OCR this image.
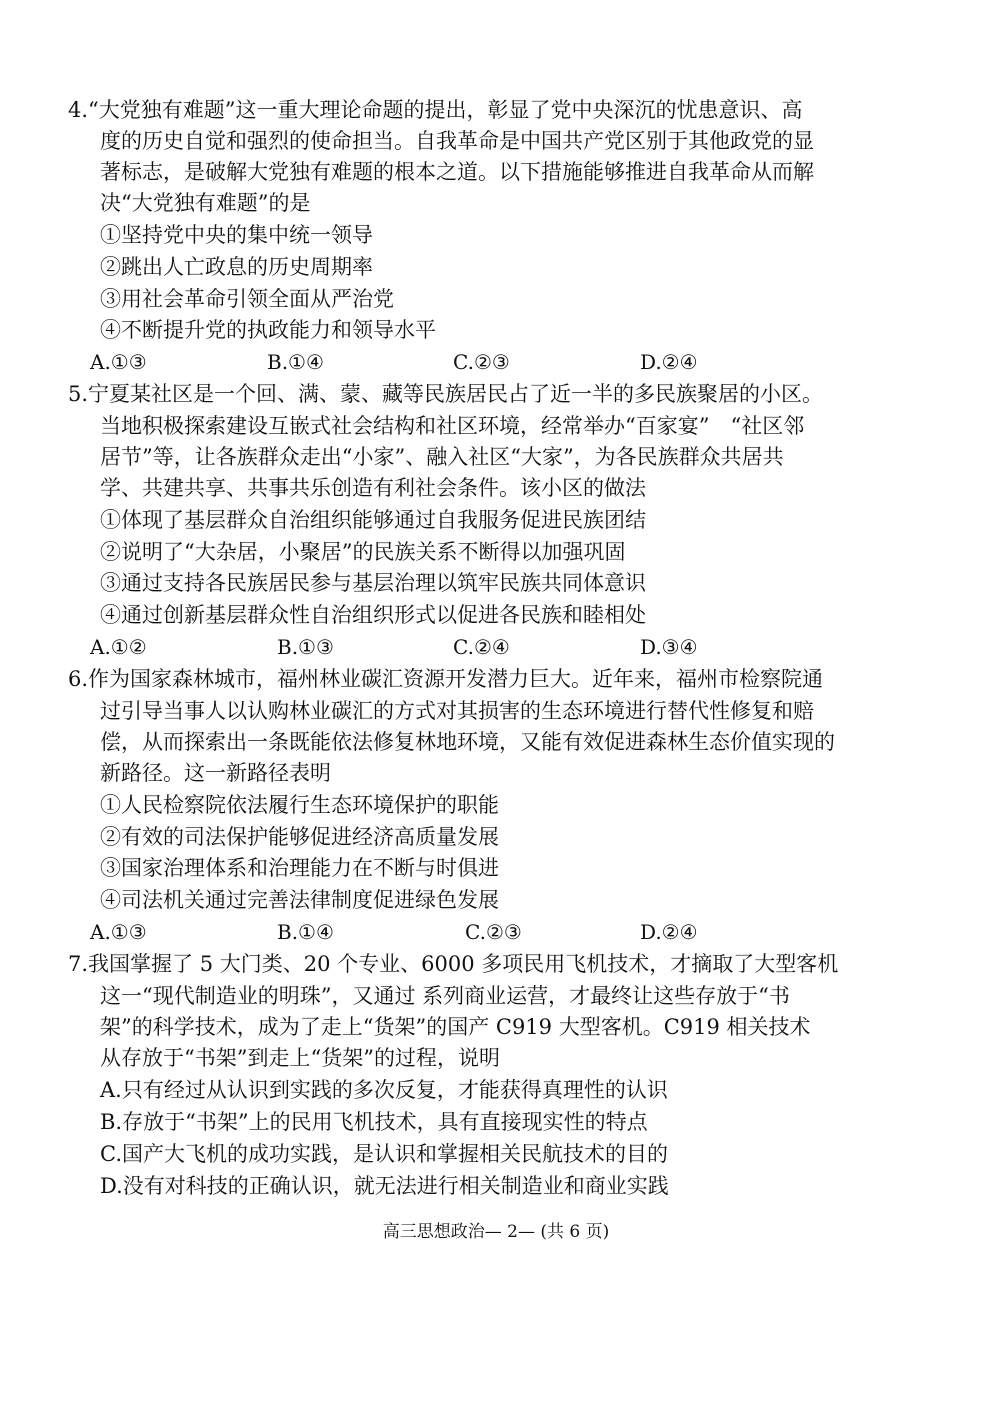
4.“大党独有难题”这一重大理论命题的提出，彰显了党中央深沉的忧患意识、高
度的历史自觉和强烈的使命担当。自我革命是中国共产党区别于其他政党的显
著标志，是破解大党独有难题的根本之道。以下措施能够推进自我革命从而解
决“大党独有难题”的是
①坚持党中央的集中统一领导
②跳出人亡政息的历史周期率
③用社会革命引领全面从严治党
④不断提升党的执政能力和领导水平
A.①③	B.①④	C.②③	D.②④
5.宁夏某社区是一个回、满、蒙、藏等民族居民占了近一半的多民族聚居的小区。
当地积极探索建设互嵌式社会结构和社区环境，经常举办“百家宴”　“社区邻
居节”等，让各族群众走出“小家”、融入社区“大家”，为各民族群众共居共
学、共建共享、共事共乐创造有利社会条件。该小区的做法
①体现了基层群众自治组织能够通过自我服务促进民族团结
②说明了“大杂居，小聚居”的民族关系不断得以加强巩固
③通过支持各民族居民参与基层治理以筑牢民族共同体意识
④通过创新基层群众性自治组织形式以促进各民族和睦相处
A.①②	B.①③	C.②④	D.③④
6.作为国家森林城市，福州林业碳汇资源开发潜力巨大。近年来，福州市检察院通
过引导当事人以认购林业碳汇的方式对其损害的生态环境进行替代性修复和赔
偿，从而探索出一条既能依法修复林地环境，又能有效促进森林生态价值实现的
新路径。这一新路径表明
①人民检察院依法履行生态环境保护的职能
②有效的司法保护能够促进经济高质量发展
③国家治理体系和治理能力在不断与时俱进
④司法机关通过完善法律制度促进绿色发展
A.①③	B.①④	C.②③	D.②④
7.我国掌握了 5 大门类、20 个专业、6000 多项民用飞机技术，才摘取了大型客机
这一“现代制造业的明珠”，又通过 系列商业运营，才最终让这些存放于“书
架”的科学技术，成为了走上“货架”的国产 C919 大型客机。C919 相关技术
从存放于“书架”到走上“货架”的过程，说明
A.只有经过从认识到实践的多次反复，才能获得真理性的认识
B.存放于“书架”上的民用飞机技术，具有直接现实性的特点
C.国产大飞机的成功实践，是认识和掌握相关民航技术的目的
D.没有对科技的正确认识，就无法进行相关制造业和商业实践
高三思想政治— 2— (共 6 页)
